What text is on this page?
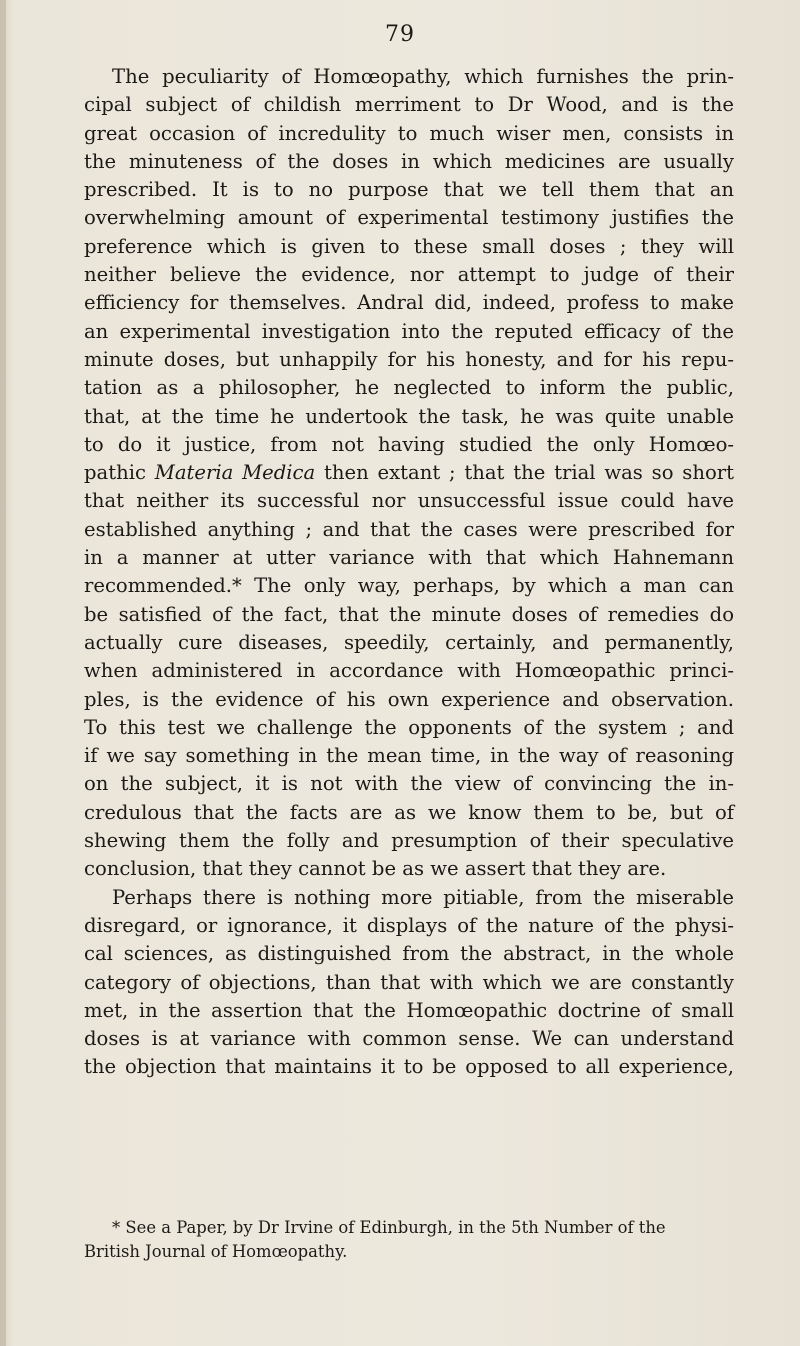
79

The peculiarity of Homœopathy, which furnishes the prin-
cipal subject of childish merriment to Dr Wood, and is the
great occasion of incredulity to much wiser men, consists in
the minuteness of the doses in which medicines are usually
prescribed. It is to no purpose that we tell them that an
overwhelming amount of experimental testimony justifies the
preference which is given to these small doses ; they will
neither believe the evidence, nor attempt to judge of their
efficiency for themselves. Andral did, indeed, profess to make
an experimental investigation into the reputed efficacy of the
minute doses, but unhappily for his honesty, and for his repu-
tation as a philosopher, he neglected to inform the public,
that, at the time he undertook the task, he was quite unable
to do it justice, from not having studied the only Homœo-
pathic Materia Medica then extant ; that the trial was so short
that neither its successful nor unsuccessful issue could have
established anything ; and that the cases were prescribed for
in a manner at utter variance with that which Hahnemann
recommended.* The only way, perhaps, by which a man can
be satisfied of the fact, that the minute doses of remedies do
actually cure diseases, speedily, certainly, and permanently,
when administered in accordance with Homœopathic princi-
ples, is the evidence of his own experience and observation.
To this test we challenge the opponents of the system ; and
if we say something in the mean time, in the way of reasoning
on the subject, it is not with the view of convincing the in-
credulous that the facts are as we know them to be, but of
shewing them the folly and presumption of their speculative
conclusion, that they cannot be as we assert that they are.

Perhaps there is nothing more pitiable, from the miserable
disregard, or ignorance, it displays of the nature of the physi-
cal sciences, as distinguished from the abstract, in the whole
category of objections, than that with which we are constantly
met, in the assertion that the Homœopathic doctrine of small
doses is at variance with common sense. We can understand
the objection that maintains it to be opposed to all experience,

* See a Paper, by Dr Irvine of Edinburgh, in the 5th Number of the
British Journal of Homœopathy.
